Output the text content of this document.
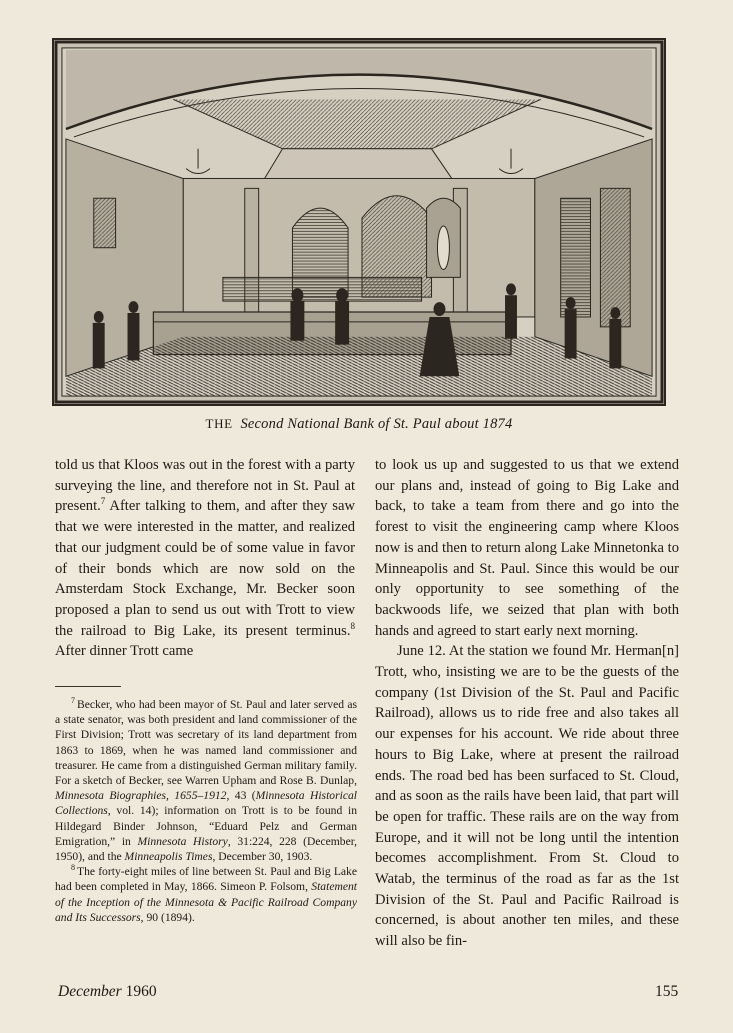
THE Second National Bank of St. Paul about 1874

told us that Kloos was out in the forest with a party surveying the line, and therefore not in St. Paul at present.$^7$ After talking to them, and after they saw that we were interested in the matter, and realized that our judgment could be of some value in favor of their bonds which are now sold on the Amsterdam Stock Exchange, Mr. Becker soon proposed a plan to send us out with Trott to view the railroad to Big Lake, its present terminus.$^8$ After dinner Trott came

to look us up and suggested to us that we extend our plans and, instead of going to Big Lake and back, to take a team from there and go into the forest to visit the engineering camp where Kloos now is and then to return along Lake Minnetonka to Minneapolis and St. Paul. Since this would be our only opportunity to see something of the backwoods life, we seized that plan with both hands and agreed to start early next morning.

June 12. At the station we found Mr. Herman[n] Trott, who, insisting we are to be the guests of the company (1st Division of the St. Paul and Pacific Railroad), allows us to ride free and also takes all our expenses for his account. We ride about three hours to Big Lake, where at present the railroad ends. The road bed has been surfaced to St. Cloud, and as soon as the rails have been laid, that part will be open for traffic. These rails are on the way from Europe, and it will not be long until the intention becomes accomplishment. From St. Cloud to Watab, the terminus of the road as far as the 1st Division of the St. Paul and Pacific Railroad is concerned, is about another ten miles, and these will also be fin-

$^7$ Becker, who had been mayor of St. Paul and later served as a state senator, was both president and land commissioner of the First Division; Trott was secretary of its land department from 1863 to 1869, when he was named land commissioner and treasurer. He came from a distinguished German military family. For a sketch of Becker, see Warren Upham and Rose B. Dunlap, Minnesota Biographies, 1655–1912, 43 (Minnesota Historical Collections, vol. 14); information on Trott is to be found in Hildegard Binder Johnson, “Eduard Pelz and German Emigration,” in Minnesota History, 31:224, 228 (December, 1950), and the Minneapolis Times, December 30, 1903.

$^8$ The forty-eight miles of line between St. Paul and Big Lake had been completed in May, 1866. Simeon P. Folsom, Statement of the Inception of the Minnesota & Pacific Railroad Company and Its Successors, 90 (1894).

December 1960	155
